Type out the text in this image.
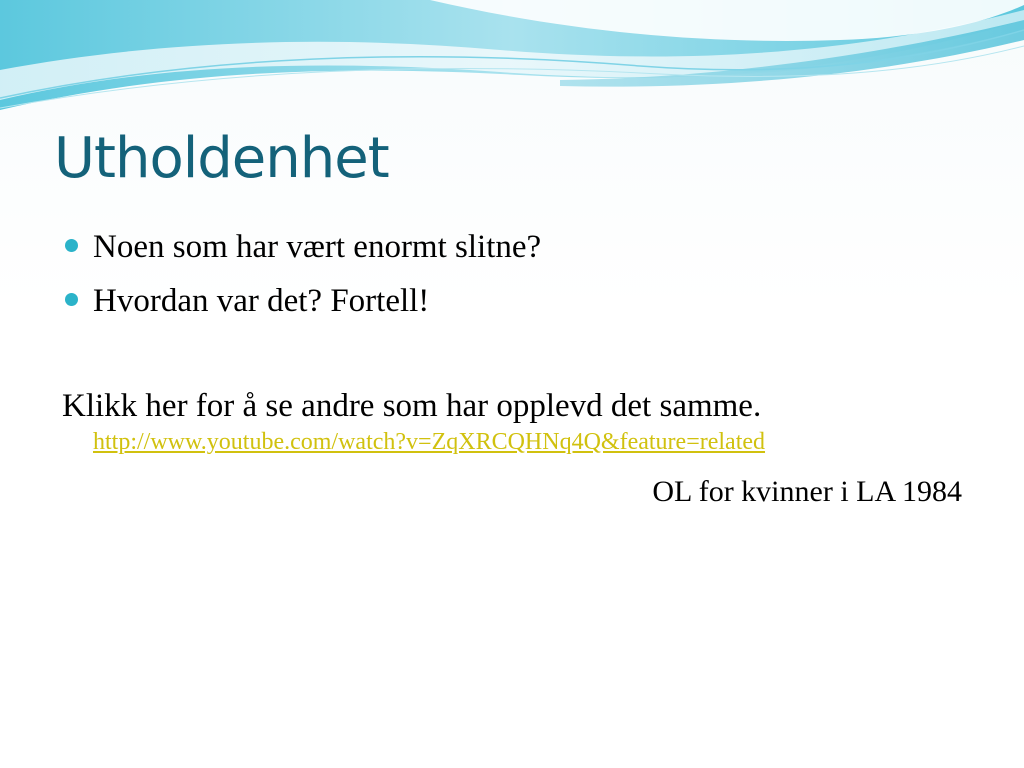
Utholdenhet
Noen som har vært enormt slitne?
Hvordan var det? Fortell!

Klikk her for å se andre som har opplevd det samme.

http://www.youtube.com/watch?v=ZqXRCQHNq4Q&feature=related

OL for kvinner i LA 1984
